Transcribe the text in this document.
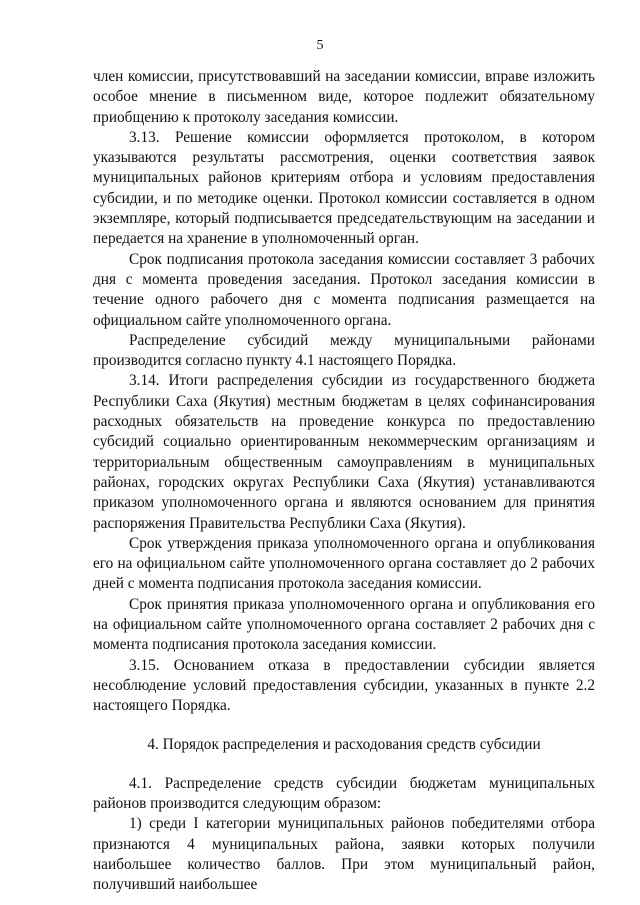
5

член комиссии, присутствовавший на заседании комиссии, вправе изложить особое мнение в письменном виде, которое подлежит обязательному приобщению к протоколу заседания комиссии.

3.13. Решение комиссии оформляется протоколом, в котором указываются результаты рассмотрения, оценки соответствия заявок муниципальных районов критериям отбора и условиям предоставления субсидии, и по методике оценки. Протокол комиссии составляется в одном экземпляре, который подписывается председательствующим на заседании и передается на хранение в уполномоченный орган.

Срок подписания протокола заседания комиссии составляет 3 рабочих дня с момента проведения заседания. Протокол заседания комиссии в течение одного рабочего дня с момента подписания размещается на официальном сайте уполномоченного органа.

Распределение субсидий между муниципальными районами производится согласно пункту 4.1 настоящего Порядка.

3.14. Итоги распределения субсидии из государственного бюджета Республики Саха (Якутия) местным бюджетам в целях софинансирования расходных обязательств на проведение конкурса по предоставлению субсидий социально ориентированным некоммерческим организациям и территориальным общественным самоуправлениям в муниципальных районах, городских округах Республики Саха (Якутия) устанавливаются приказом уполномоченного органа и являются основанием для принятия распоряжения Правительства Республики Саха (Якутия).

Срок утверждения приказа уполномоченного органа и опубликования его на официальном сайте уполномоченного органа составляет до 2 рабочих дней с момента подписания протокола заседания комиссии.

Срок принятия приказа уполномоченного органа и опубликования его на официальном сайте уполномоченного органа составляет 2 рабочих дня с момента подписания протокола заседания комиссии.

3.15. Основанием отказа в предоставлении субсидии является несоблюдение условий предоставления субсидии, указанных в пункте 2.2 настоящего Порядка.

4. Порядок распределения и расходования средств субсидии

4.1. Распределение средств субсидии бюджетам муниципальных районов производится следующим образом:

1) среди I категории муниципальных районов победителями отбора признаются 4 муниципальных района, заявки которых получили наибольшее количество баллов. При этом муниципальный район, получивший наибольшее
